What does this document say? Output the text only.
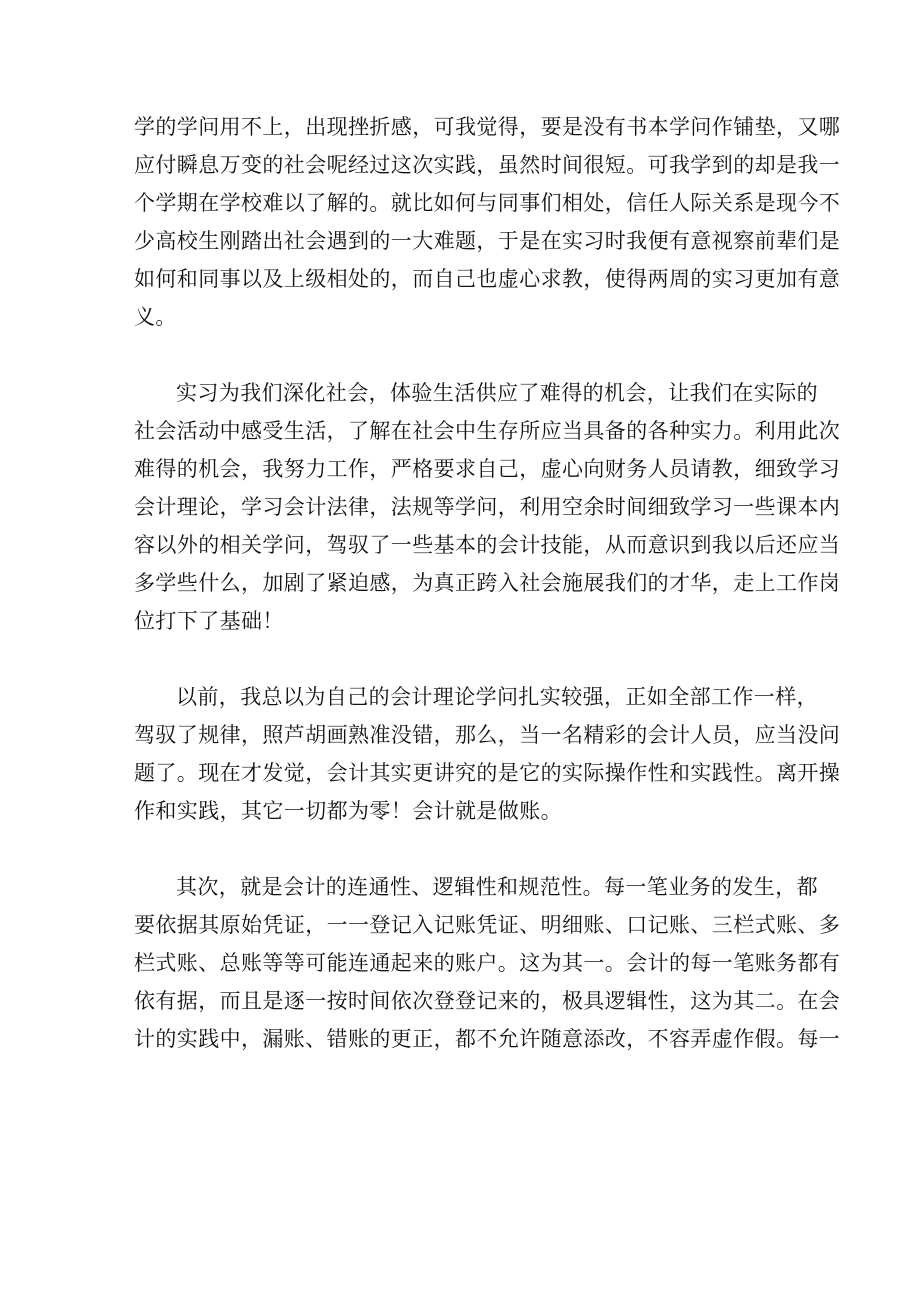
学的学问用不上，出现挫折感，可我觉得，要是没有书本学问作铺垫，又哪
应付瞬息万变的社会呢经过这次实践，虽然时间很短。可我学到的却是我一
个学期在学校难以了解的。就比如何与同事们相处，信任人际关系是现今不
少高校生刚踏出社会遇到的一大难题，于是在实习时我便有意视察前辈们是
如何和同事以及上级相处的，而自己也虚心求教，使得两周的实习更加有意
义。
实习为我们深化社会，体验生活供应了难得的机会，让我们在实际的
社会活动中感受生活，了解在社会中生存所应当具备的各种实力。利用此次
难得的机会，我努力工作，严格要求自己，虚心向财务人员请教，细致学习
会计理论，学习会计法律，法规等学问，利用空余时间细致学习一些课本内
容以外的相关学问，驾驭了一些基本的会计技能，从而意识到我以后还应当
多学些什么，加剧了紧迫感，为真正跨入社会施展我们的才华，走上工作岗
位打下了基础！
以前，我总以为自己的会计理论学问扎实较强，正如全部工作一样，
驾驭了规律，照芦胡画熟准没错，那么，当一名精彩的会计人员，应当没问
题了。现在才发觉，会计其实更讲究的是它的实际操作性和实践性。离开操
作和实践，其它一切都为零！会计就是做账。
其次，就是会计的连通性、逻辑性和规范性。每一笔业务的发生，都
要依据其原始凭证，一一登记入记账凭证、明细账、口记账、三栏式账、多
栏式账、总账等等可能连通起来的账户。这为其一。会计的每一笔账务都有
依有据，而且是逐一按时间依次登登记来的，极具逻辑性，这为其二。在会
计的实践中，漏账、错账的更正，都不允许随意添改，不容弄虚作假。每一
